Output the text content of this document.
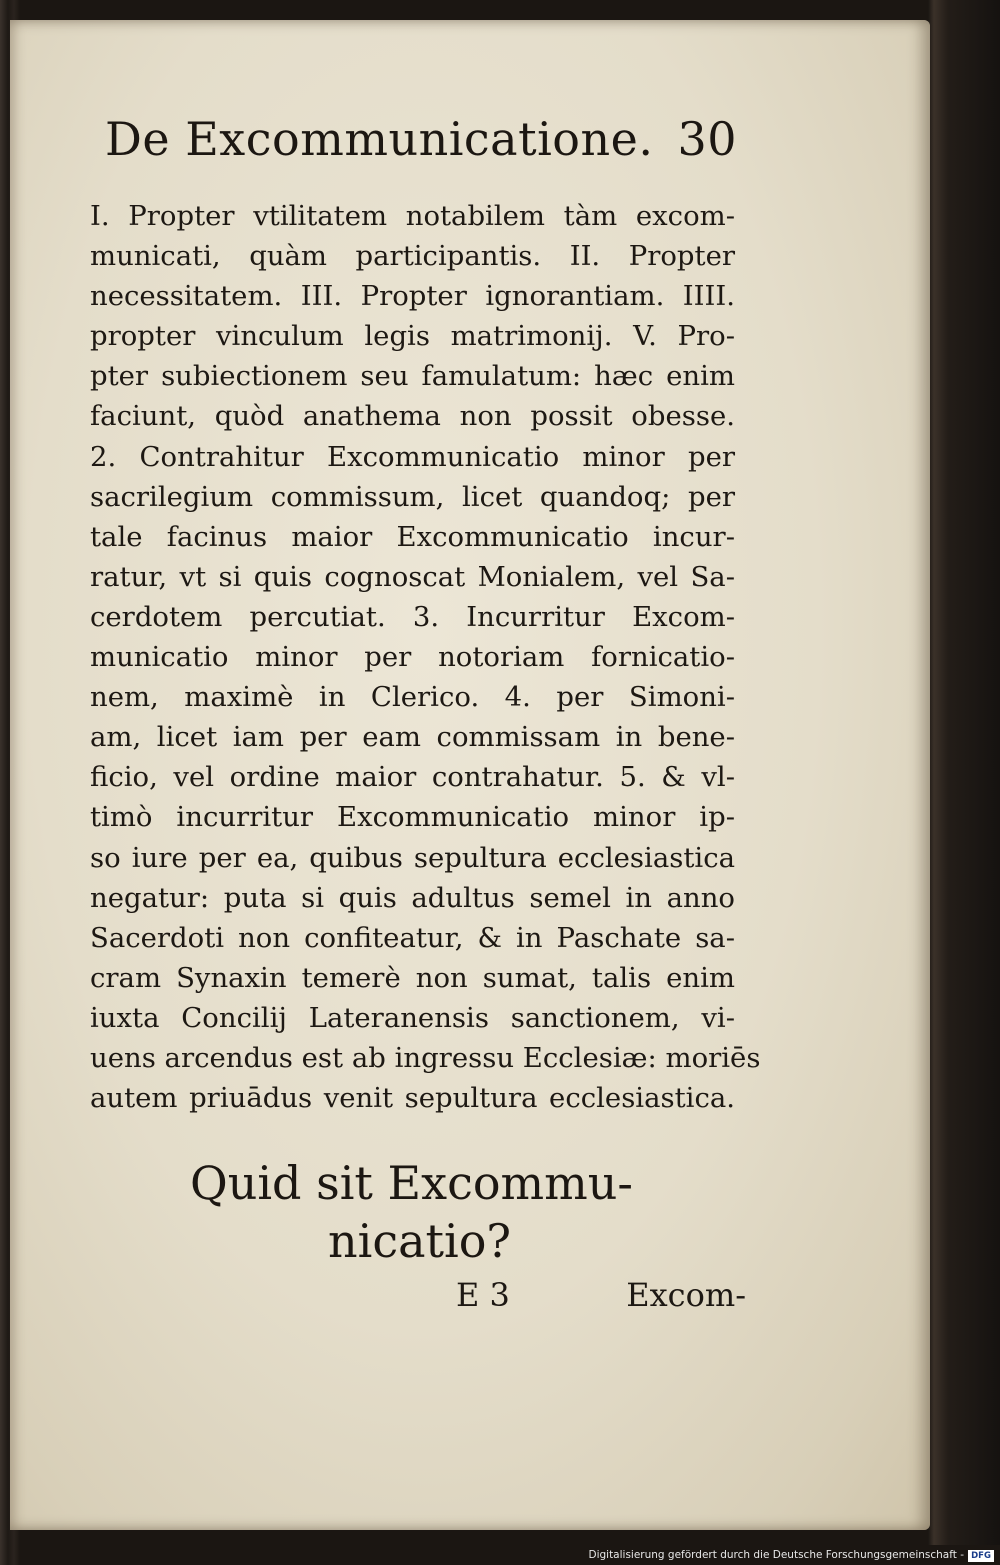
De Excommunicatione. 30
I. Propter vtilitatem notabilem tàm excom-
municati, quàm participantis. II. Propter
necessitatem. III. Propter ignorantiam. IIII.
propter vinculum legis matrimonij. V. Pro-
pter subiectionem seu famulatum: hæc enim
faciunt, quòd anathema non possit obesse.
2. Contrahitur Excommunicatio minor per
sacrilegium commissum, licet quandoq; per
tale facinus maior Excommunicatio incur-
ratur, vt si quis cognoscat Monialem, vel Sa-
cerdotem percutiat. 3. Incurritur Excom-
municatio minor per notoriam fornicatio-
nem, maximè in Clerico. 4. per Simoni-
am, licet iam per eam commissam in bene-
ficio, vel ordine maior contrahatur. 5. & vl-
timò incurritur Excommunicatio minor ip-
so iure per ea, quibus sepultura ecclesiastica
negatur: puta si quis adultus semel in anno
Sacerdoti non confiteatur, & in Paschate sa-
cram Synaxin temerè non sumat, talis enim
iuxta Concilij Lateranensis sanctionem, vi-
uens arcendus est ab ingressu Ecclesiæ: moriēs
autem priuādus venit sepultura ecclesiastica.
Quid sit Excommu-
nicatio?
E 3	Excom-
Digitalisierung gefördert durch die Deutsche Forschungsgemeinschaft - DFG
